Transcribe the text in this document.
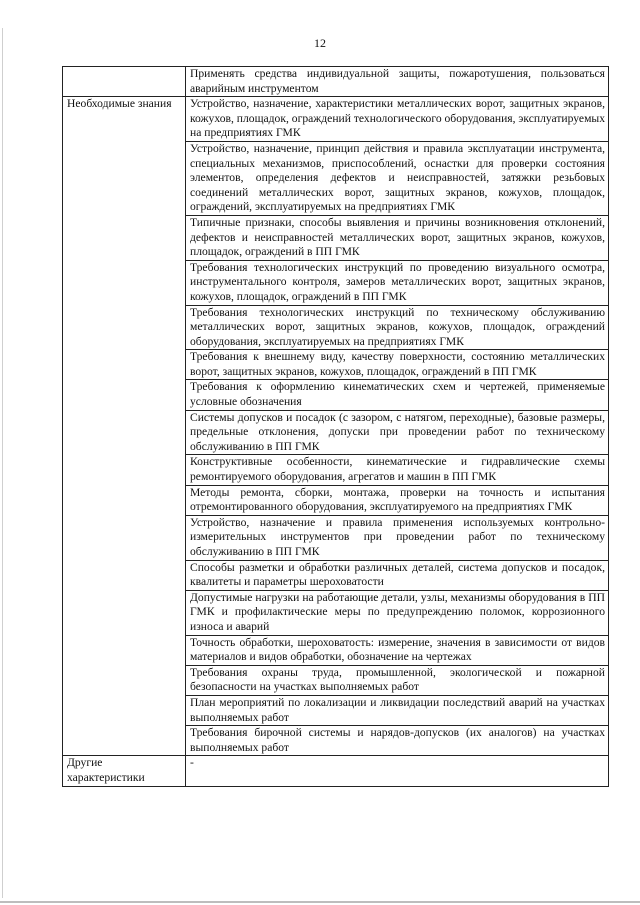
12
	Применять средства индивидуальной защиты, пожаротушения, пользоваться аварийным инструментом
Необходимые знания	Устройство, назначение, характеристики металлических ворот, защитных экранов, кожухов, площадок, ограждений технологического оборудования, эксплуатируемых на предприятиях ГМК
	Устройство, назначение, принцип действия и правила эксплуатации инструмента, специальных механизмов, приспособлений, оснастки для проверки состояния элементов, определения дефектов и неисправностей, затяжки резьбовых соединений металлических ворот, защитных экранов, кожухов, площадок, ограждений, эксплуатируемых на предприятиях ГМК
	Типичные признаки, способы выявления и причины возникновения отклонений, дефектов и неисправностей металлических ворот, защитных экранов, кожухов, площадок, ограждений в ПП ГМК
	Требования технологических инструкций по проведению визуального осмотра, инструментального контроля, замеров металлических ворот, защитных экранов, кожухов, площадок, ограждений в ПП ГМК
	Требования технологических инструкций по техническому обслуживанию металлических ворот, защитных экранов, кожухов, площадок, ограждений оборудования, эксплуатируемых на предприятиях ГМК
	Требования к внешнему виду, качеству поверхности, состоянию металлических ворот, защитных экранов, кожухов, площадок, ограждений в ПП ГМК
	Требования к оформлению кинематических схем и чертежей, применяемые условные обозначения
	Системы допусков и посадок (с зазором, с натягом, переходные), базовые размеры, предельные отклонения, допуски при проведении работ по техническому обслуживанию в ПП ГМК
	Конструктивные особенности, кинематические и гидравлические схемы ремонтируемого оборудования, агрегатов и машин в ПП ГМК
	Методы ремонта, сборки, монтажа, проверки на точность и испытания отремонтированного оборудования, эксплуатируемого на предприятиях ГМК
	Устройство, назначение и правила применения используемых контрольно-измерительных инструментов при проведении работ по техническому обслуживанию в ПП ГМК
	Способы разметки и обработки различных деталей, система допусков и посадок, квалитеты и параметры шероховатости
	Допустимые нагрузки на работающие детали, узлы, механизмы оборудования в ПП ГМК и профилактические меры по предупреждению поломок, коррозионного износа и аварий
	Точность обработки, шероховатость: измерение, значения в зависимости от видов материалов и видов обработки, обозначение на чертежах
	Требования охраны труда, промышленной, экологической и пожарной безопасности на участках выполняемых работ
	План мероприятий по локализации и ликвидации последствий аварий на участках выполняемых работ
	Требования бирочной системы и нарядов-допусков (их аналогов) на участках выполняемых работ
Другие характеристики	-
